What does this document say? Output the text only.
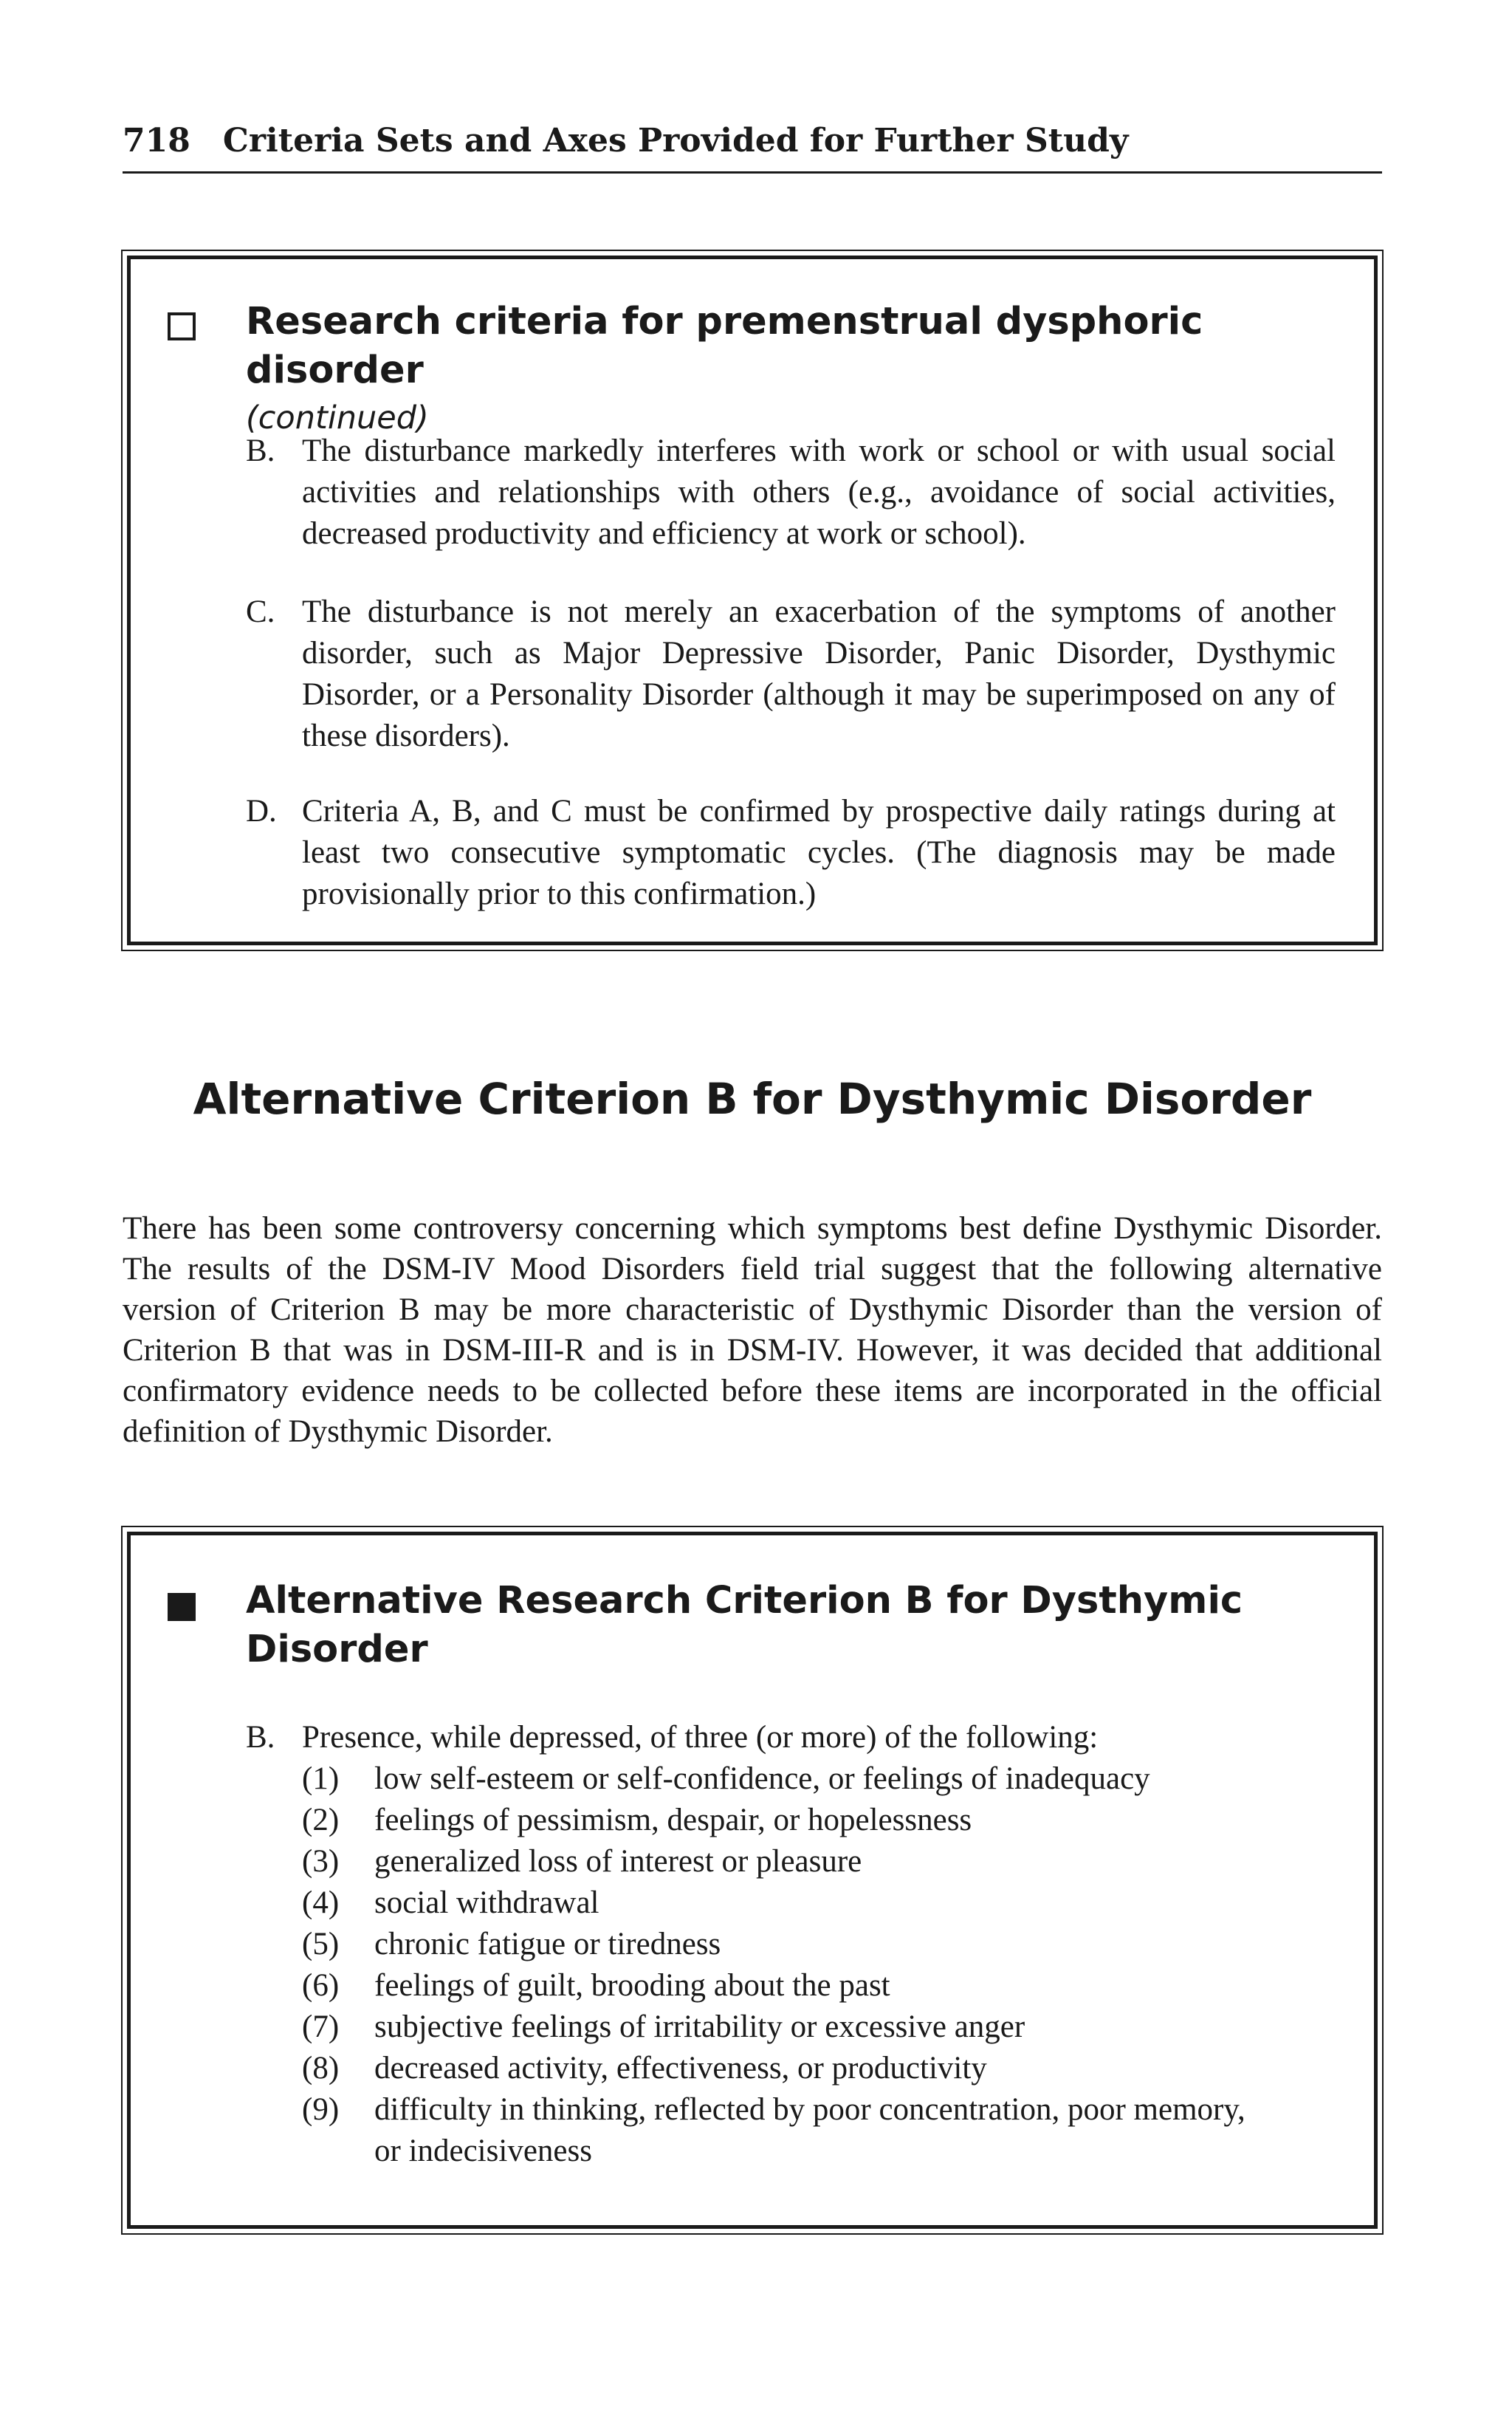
718 Criteria Sets and Axes Provided for Further Study
Research criteria for premenstrual dysphoric disorder
(continued)
B. The disturbance markedly interferes with work or school or with usual social activities and relationships with others (e.g., avoidance of social activities, decreased productivity and efficiency at work or school).
C. The disturbance is not merely an exacerbation of the symptoms of another disorder, such as Major Depressive Disorder, Panic Disorder, Dysthymic Disorder, or a Personality Disorder (although it may be superimposed on any of these disorders).
D. Criteria A, B, and C must be confirmed by prospective daily ratings during at least two consecutive symptomatic cycles. (The diagnosis may be made provisionally prior to this confirmation.)
Alternative Criterion B for Dysthymic Disorder
There has been some controversy concerning which symptoms best define Dysthymic Disorder. The results of the DSM-IV Mood Disorders field trial suggest that the following alternative version of Criterion B may be more characteristic of Dysthymic Disorder than the version of Criterion B that was in DSM-III-R and is in DSM-IV. However, it was decided that additional confirmatory evidence needs to be collected before these items are incorporated in the official definition of Dysthymic Disorder.
Alternative Research Criterion B for Dysthymic Disorder
B. Presence, while depressed, of three (or more) of the following:
(1)	low self-esteem or self-confidence, or feelings of inadequacy
(2)	feelings of pessimism, despair, or hopelessness
(3)	generalized loss of interest or pleasure
(4)	social withdrawal
(5)	chronic fatigue or tiredness
(6)	feelings of guilt, brooding about the past
(7)	subjective feelings of irritability or excessive anger
(8)	decreased activity, effectiveness, or productivity
(9)	difficulty in thinking, reflected by poor concentration, poor memory, or indecisiveness
